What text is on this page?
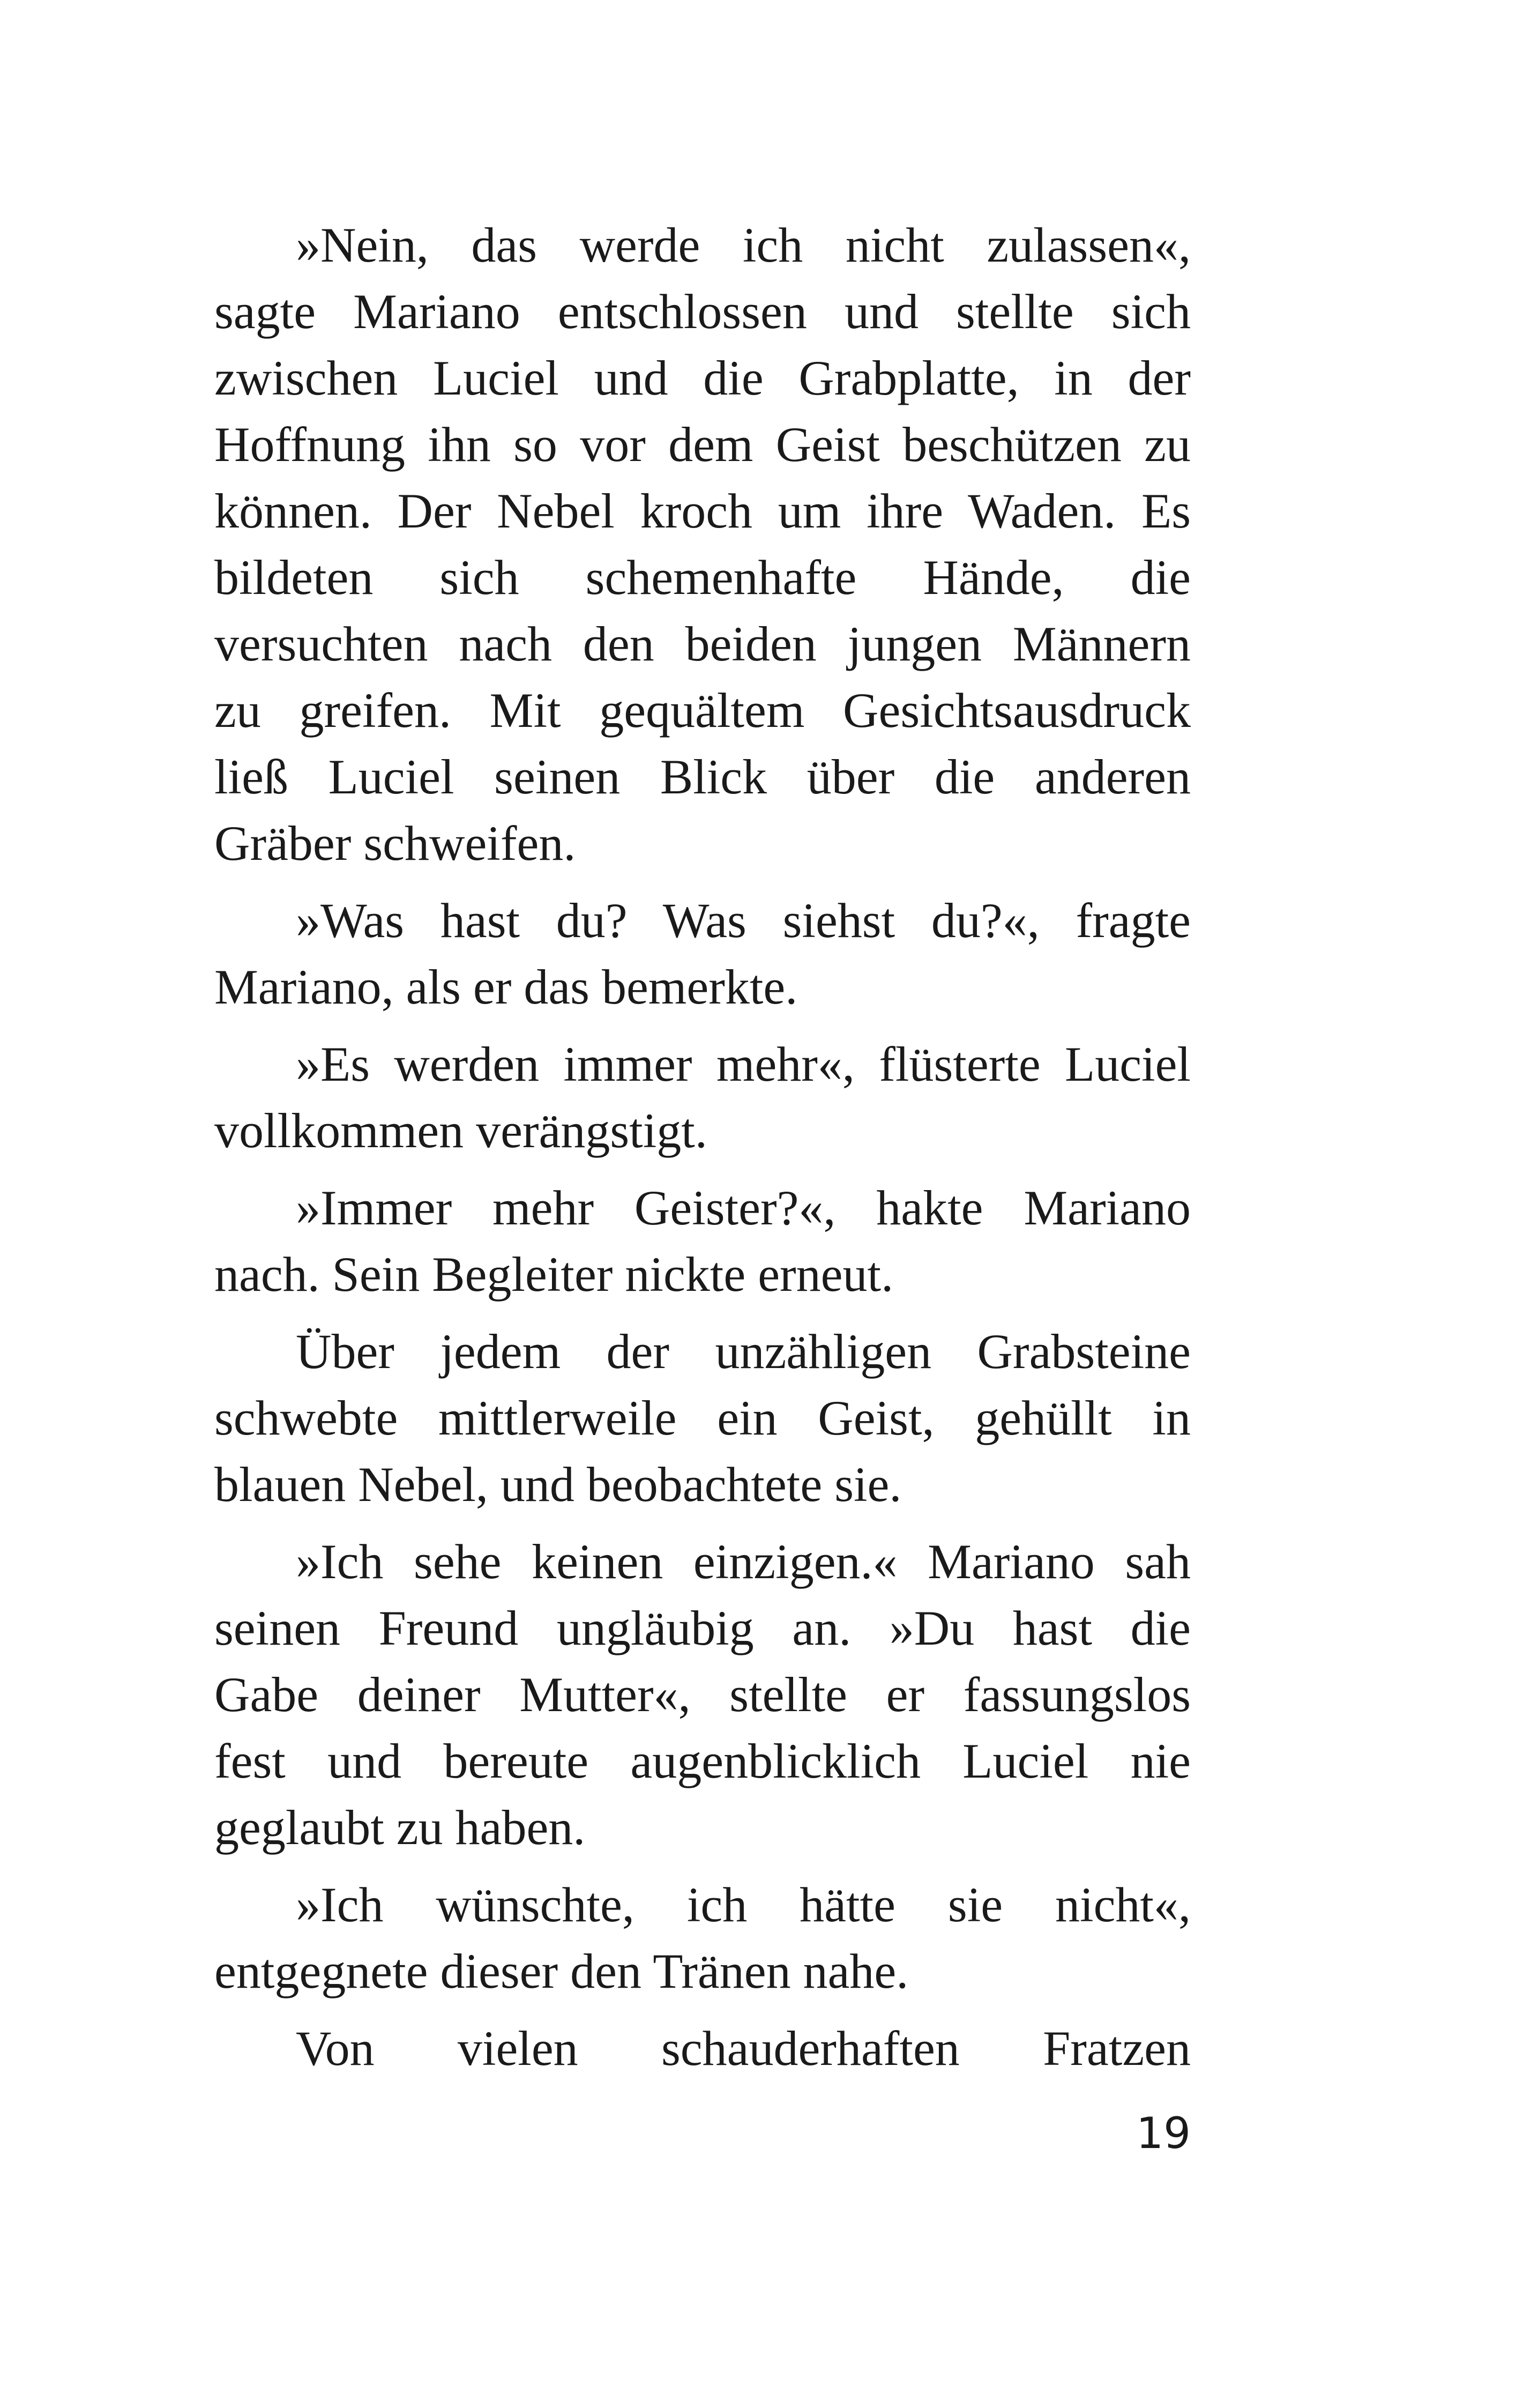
»Nein, das werde ich nicht zulassen«,
sagte Mariano entschlossen und stellte sich
zwischen Luciel und die Grabplatte, in der
Hoffnung ihn so vor dem Geist beschützen zu
können. Der Nebel kroch um ihre Waden. Es
bildeten sich schemenhafte Hände, die
versuchten nach den beiden jungen Männern
zu greifen. Mit gequältem Gesichtsausdruck
ließ Luciel seinen Blick über die anderen
Gräber schweifen.
»Was hast du? Was siehst du?«, fragte
Mariano, als er das bemerkte.
»Es werden immer mehr«, flüsterte Luciel
vollkommen verängstigt.
»Immer mehr Geister?«, hakte Mariano
nach. Sein Begleiter nickte erneut.
Über jedem der unzähligen Grabsteine
schwebte mittlerweile ein Geist, gehüllt in
blauen Nebel, und beobachtete sie.
»Ich sehe keinen einzigen.« Mariano sah
seinen Freund ungläubig an. »Du hast die
Gabe deiner Mutter«, stellte er fassungslos
fest und bereute augenblicklich Luciel nie
geglaubt zu haben.
»Ich wünschte, ich hätte sie nicht«,
entgegnete dieser den Tränen nahe.
Von vielen schauderhaften Fratzen
19
